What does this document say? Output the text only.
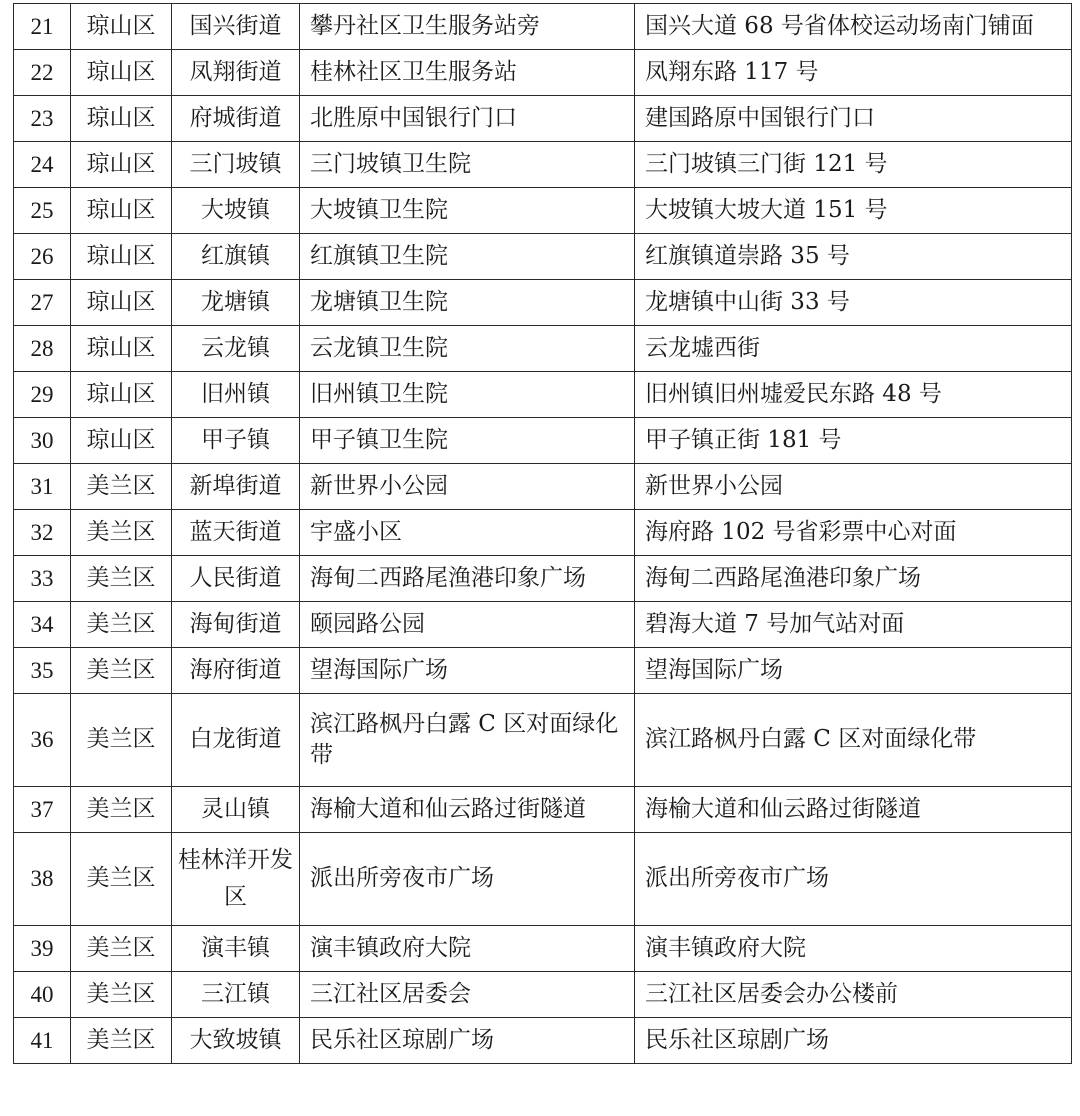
21	琼山区	国兴街道	攀丹社区卫生服务站旁	国兴大道 68 号省体校运动场南门铺面
22	琼山区	凤翔街道	桂林社区卫生服务站	凤翔东路 117 号
23	琼山区	府城街道	北胜原中国银行门口	建国路原中国银行门口
24	琼山区	三门坡镇	三门坡镇卫生院	三门坡镇三门街 121 号
25	琼山区	大坡镇	大坡镇卫生院	大坡镇大坡大道 151 号
26	琼山区	红旗镇	红旗镇卫生院	红旗镇道崇路 35 号
27	琼山区	龙塘镇	龙塘镇卫生院	龙塘镇中山街 33 号
28	琼山区	云龙镇	云龙镇卫生院	云龙墟西街
29	琼山区	旧州镇	旧州镇卫生院	旧州镇旧州墟爱民东路 48 号
30	琼山区	甲子镇	甲子镇卫生院	甲子镇正街 181 号
31	美兰区	新埠街道	新世界小公园	新世界小公园
32	美兰区	蓝天街道	宇盛小区	海府路 102 号省彩票中心对面
33	美兰区	人民街道	海甸二西路尾渔港印象广场	海甸二西路尾渔港印象广场
34	美兰区	海甸街道	颐园路公园	碧海大道 7 号加气站对面
35	美兰区	海府街道	望海国际广场	望海国际广场
36	美兰区	白龙街道	滨江路枫丹白露 C 区对面绿化带	滨江路枫丹白露 C 区对面绿化带
37	美兰区	灵山镇	海榆大道和仙云路过街隧道	海榆大道和仙云路过街隧道
38	美兰区	桂林洋开发区	派出所旁夜市广场	派出所旁夜市广场
39	美兰区	演丰镇	演丰镇政府大院	演丰镇政府大院
40	美兰区	三江镇	三江社区居委会	三江社区居委会办公楼前
41	美兰区	大致坡镇	民乐社区琼剧广场	民乐社区琼剧广场
